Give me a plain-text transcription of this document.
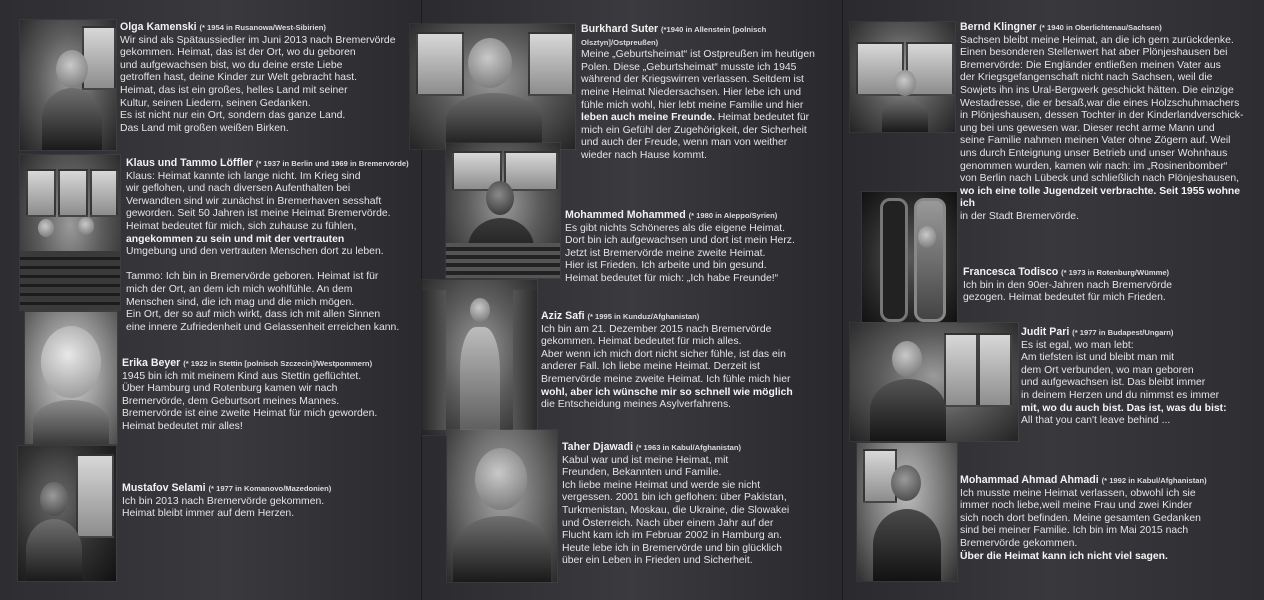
Olga Kamenski (* 1954 in Rusanowa/West-Sibirien)

Wir sind als Spätaussiedler im Juni 2013 nach Bremervörde
gekommen. Heimat, das ist der Ort, wo du geboren
und aufgewachsen bist, wo du deine erste Liebe
getroffen hast, deine Kinder zur Welt gebracht hast.
Heimat, das ist ein großes, helles Land mit seiner
Kultur, seinen Liedern, seinen Gedanken.
Es ist nicht nur ein Ort, sondern das ganze Land.
Das Land mit großen weißen Birken.

Klaus und Tammo Löffler (* 1937 in Berlin und 1969 in Bremervörde)

Klaus: Heimat kannte ich lange nicht. Im Krieg sind
wir geflohen, und nach diversen Aufenthalten bei
Verwandten sind wir zunächst in Bremerhaven sesshaft
geworden. Seit 50 Jahren ist meine Heimat Bremervörde.
Heimat bedeutet für mich, sich zuhause zu fühlen,

angekommen zu sein und mit der vertrauten

Umgebung und den vertrauten Menschen dort zu leben.

Tammo: Ich bin in Bremervörde geboren. Heimat ist für
mich der Ort, an dem ich mich wohlfühle. An dem
Menschen sind, die ich mag und die mich mögen.
Ein Ort, der so auf mich wirkt, dass ich mit allen Sinnen
eine innere Zufriedenheit und Gelassenheit erreichen kann.

Erika Beyer (* 1922 in Stettin [polnisch Szczecin]/Westpommern)

1945 bin ich mit meinem Kind aus Stettin geflüchtet.
Über Hamburg und Rotenburg kamen wir nach
Bremervörde, dem Geburtsort meines Mannes.
Bremervörde ist eine zweite Heimat für mich geworden.
Heimat bedeutet mir alles!

Mustafov Selami (* 1977 in Komanovo/Mazedonien)

Ich bin 2013 nach Bremervörde gekommen.
Heimat bleibt immer auf dem Herzen.

Burkhard Suter (*1940 in Allenstein [polnisch Olsztyn]/Ostpreußen)

Meine „Geburtsheimat“ ist Ostpreußen im heutigen
Polen. Diese „Geburtsheimat“ musste ich 1945
während der Kriegswirren verlassen. Seitdem ist
meine Heimat Niedersachsen. Hier lebe ich und
fühle mich wohl, hier lebt meine Familie und hier

leben auch meine Freunde. Heimat bedeutet für
mich ein Gefühl der Zugehörigkeit, der Sicherheit
und auch der Freude, wenn man von weither
wieder nach Hause kommt.
Mohammed Mohammed (* 1980 in Aleppo/Syrien)

Es gibt nichts Schöneres als die eigene Heimat.
Dort bin ich aufgewachsen und dort ist mein Herz.
Jetzt ist Bremervörde meine zweite Heimat.
Hier ist Frieden. Ich arbeite und bin gesund.
Heimat bedeutet für mich: „Ich habe Freunde!“

Aziz Safi (* 1995 in Kunduz/Afghanistan)

Ich bin am 21. Dezember 2015 nach Bremervörde
gekommen. Heimat bedeutet für mich alles.
Aber wenn ich mich dort nicht sicher fühle, ist das ein
anderer Fall. Ich liebe meine Heimat. Derzeit ist
Bremervörde meine zweite Heimat. Ich fühle mich hier

wohl, aber ich wünsche mir so schnell wie möglich

die Entscheidung meines Asylverfahrens.

Taher Djawadi (* 1963 in Kabul/Afghanistan)

Kabul war und ist meine Heimat, mit
Freunden, Bekannten und Familie.
Ich liebe meine Heimat und werde sie nicht
vergessen. 2001 bin ich geflohen: über Pakistan,
Turkmenistan, Moskau, die Ukraine, die Slowakei
und Österreich. Nach über einem Jahr auf der
Flucht kam ich im Februar 2002 in Hamburg an.
Heute lebe ich in Bremervörde und bin glücklich
über ein Leben in Frieden und Sicherheit.

Bernd Klingner (* 1940 in Oberlichtenau/Sachsen)

Sachsen bleibt meine Heimat, an die ich gern zurückdenke.
Einen besonderen Stellenwert hat aber Plönjeshausen bei
Bremervörde: Die Engländer entließen meinen Vater aus
der Kriegsgefangenschaft nicht nach Sachsen, weil die
Sowjets ihn ins Ural-Bergwerk geschickt hätten. Die einzige
Westadresse, die er besaß,war die eines Holzschuhmachers
in Plönjeshausen, dessen Tochter in der Kinderlandverschick-
ung bei uns gewesen war. Dieser recht arme Mann und
seine Familie nahmen meinen Vater ohne Zögern auf. Weil
uns durch Enteignung unser Betrieb und unser Wohnhaus
genommen wurden, kamen wir nach: im „Rosinenbomber“
von Berlin nach Lübeck und schließlich nach Plönjeshausen,

wo ich eine tolle Jugendzeit verbrachte. Seit 1955 wohne ich

in der Stadt Bremervörde.

Francesca Todisco (* 1973 in Rotenburg/Wümme)

Ich bin in den 90er-Jahren nach Bremervörde
gezogen. Heimat bedeutet für mich Frieden.

Judit Pari (* 1977 in Budapest/Ungarn)

Es ist egal, wo man lebt:
Am tiefsten ist und bleibt man mit
dem Ort verbunden, wo man geboren
und aufgewachsen ist. Das bleibt immer
in deinem Herzen und du nimmst es immer

mit, wo du auch bist. Das ist, was du bist:

All that you can't leave behind ...

Mohammad Ahmad Ahmadi (* 1992 in Kabul/Afghanistan)

Ich musste meine Heimat verlassen, obwohl ich sie
immer noch liebe,weil meine Frau und zwei Kinder
sich noch dort befinden. Meine gesamten Gedanken
sind bei meiner Familie. Ich bin im Mai 2015 nach
Bremervörde gekommen.

Über die Heimat kann ich nicht viel sagen.
